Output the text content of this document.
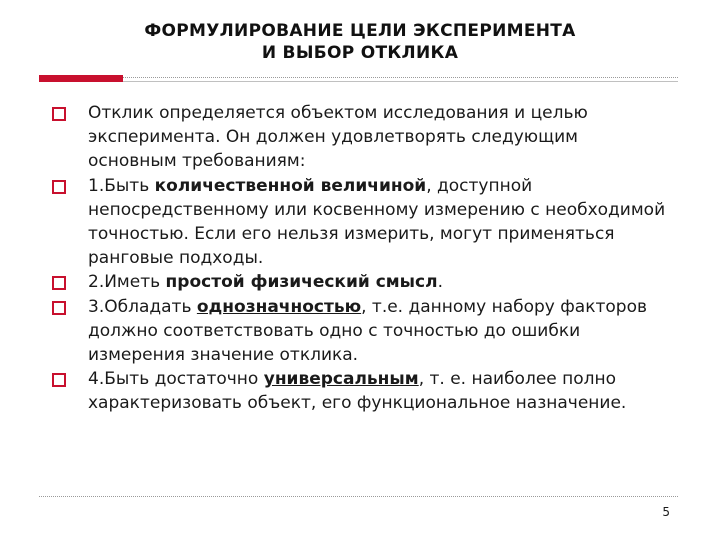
ФОРМУЛИРОВАНИЕ ЦЕЛИ ЭКСПЕРИМЕНТА
И ВЫБОР ОТКЛИКА
Отклик определяется объектом исследования и целью эксперимента. Он должен удовлетворять следующим основным требованиям:
1.Быть количественной величиной, доступной непосредственному или косвенному измерению с необходимой точностью. Если его нельзя измерить, могут применяться ранговые подходы.
2.Иметь простой физический смысл.
3.Обладать однозначностью, т.е. данному набору факторов должно соответствовать одно с точностью до ошибки измерения значение отклика.
4.Быть достаточно универсальным, т. е. наиболее полно характеризовать объект, его функциональное назначение.
5
